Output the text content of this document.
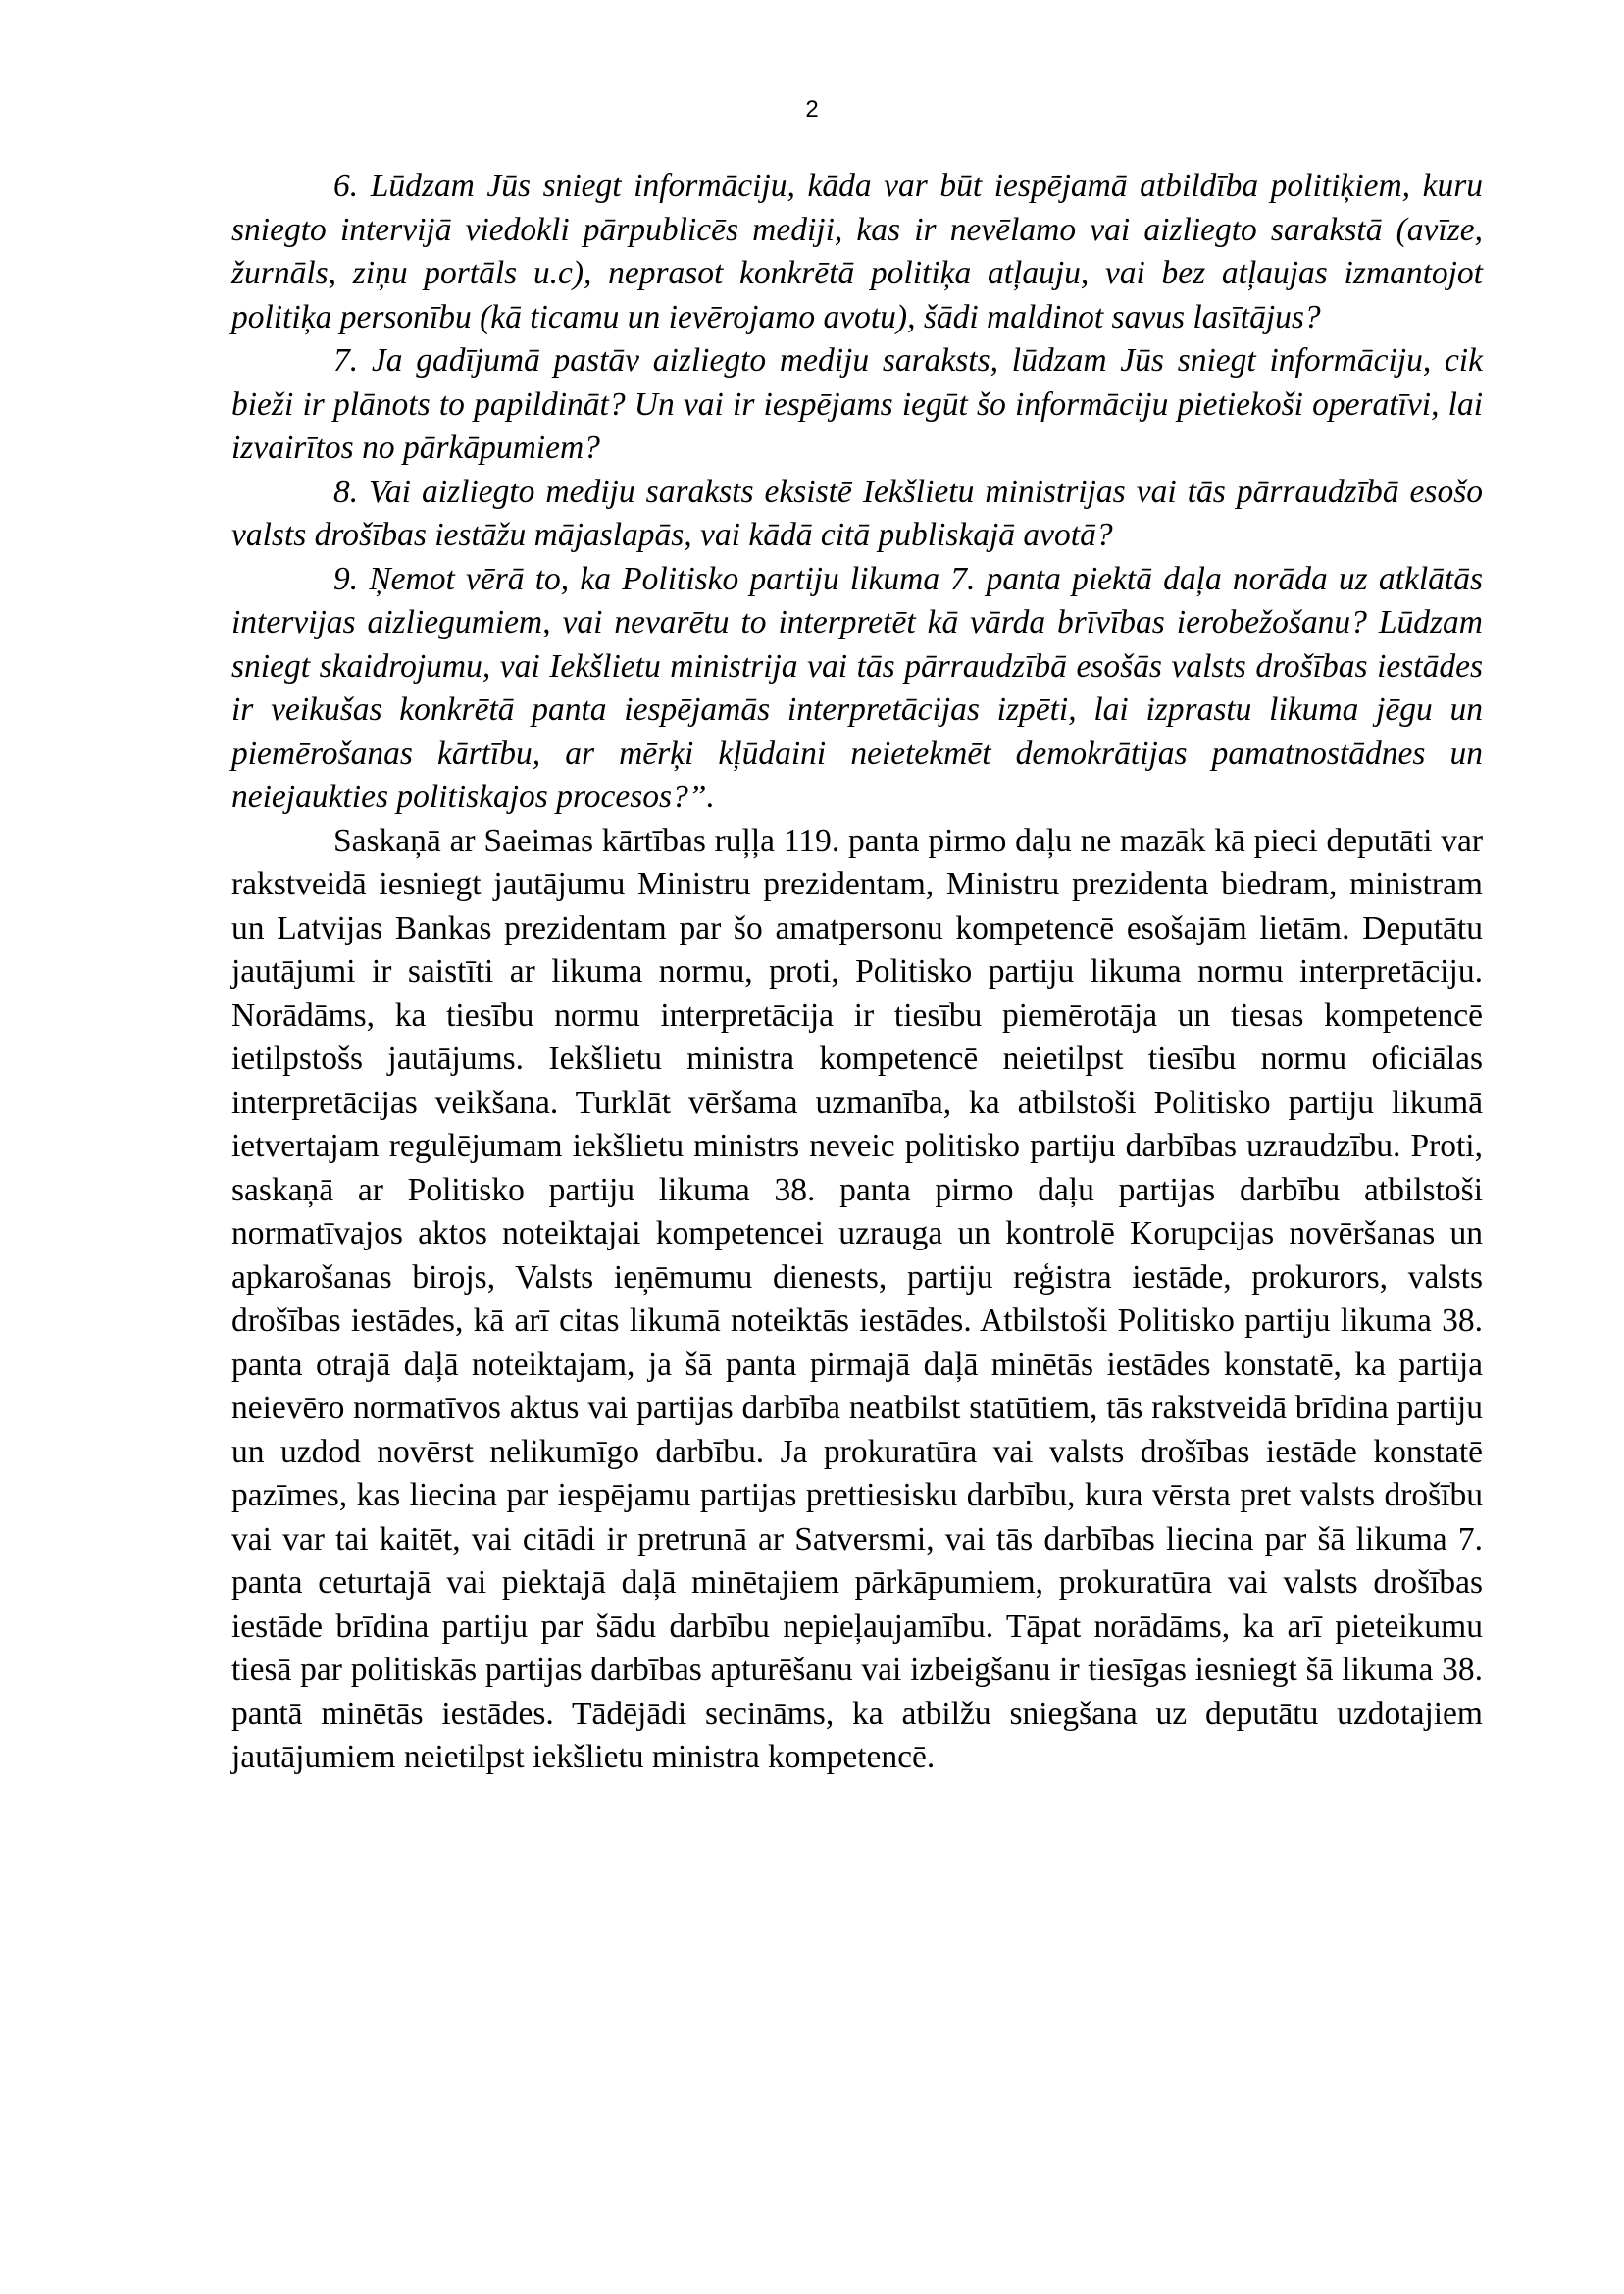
2

6. Lūdzam Jūs sniegt informāciju, kāda var būt iespējamā atbildība politiķiem, kuru sniegto intervijā viedokli pārpublicēs mediji, kas ir nevēlamo vai aizliegto sarakstā (avīze, žurnāls, ziņu portāls u.c), neprasot konkrētā politiķa atļauju, vai bez atļaujas izmantojot politiķa personību (kā ticamu un ievērojamo avotu), šādi maldinot savus lasītājus?

7. Ja gadījumā pastāv aizliegto mediju saraksts, lūdzam Jūs sniegt informāciju, cik bieži ir plānots to papildināt? Un vai ir iespējams iegūt šo informāciju pietiekoši operatīvi, lai izvairītos no pārkāpumiem?

8. Vai aizliegto mediju saraksts eksistē Iekšlietu ministrijas vai tās pārraudzībā esošo valsts drošības iestāžu mājaslapās, vai kādā citā publiskajā avotā?

9. Ņemot vērā to, ka Politisko partiju likuma 7. panta piektā daļa norāda uz atklātās intervijas aizliegumiem, vai nevarētu to interpretēt kā vārda brīvības ierobežošanu? Lūdzam sniegt skaidrojumu, vai Iekšlietu ministrija vai tās pārraudzībā esošās valsts drošības iestādes ir veikušas konkrētā panta iespējamās interpretācijas izpēti, lai izprastu likuma jēgu un piemērošanas kārtību, ar mērķi kļūdaini neietekmēt demokrātijas pamatnostādnes un neiejaukties politiskajos procesos?”.

Saskaņā ar Saeimas kārtības ruļļa 119. panta pirmo daļu ne mazāk kā pieci deputāti var rakstveidā iesniegt jautājumu Ministru prezidentam, Ministru prezidenta biedram, ministram un Latvijas Bankas prezidentam par šo amatpersonu kompetencē esošajām lietām. Deputātu jautājumi ir saistīti ar likuma normu, proti, Politisko partiju likuma normu interpretāciju. Norādāms, ka tiesību normu interpretācija ir tiesību piemērotāja un tiesas kompetencē ietilpstošs jautājums. Iekšlietu ministra kompetencē neietilpst tiesību normu oficiālas interpretācijas veikšana. Turklāt vēršama uzmanība, ka atbilstoši Politisko partiju likumā ietvertajam regulējumam iekšlietu ministrs neveic politisko partiju darbības uzraudzību. Proti, saskaņā ar Politisko partiju likuma 38. panta pirmo daļu partijas darbību atbilstoši normatīvajos aktos noteiktajai kompetencei uzrauga un kontrolē Korupcijas novēršanas un apkarošanas birojs, Valsts ieņēmumu dienests, partiju reģistra iestāde, prokurors, valsts drošības iestādes, kā arī citas likumā noteiktās iestādes. Atbilstoši Politisko partiju likuma 38. panta otrajā daļā noteiktajam, ja šā panta pirmajā daļā minētās iestādes konstatē, ka partija neievēro normatīvos aktus vai partijas darbība neatbilst statūtiem, tās rakstveidā brīdina partiju un uzdod novērst nelikumīgo darbību. Ja prokuratūra vai valsts drošības iestāde konstatē pazīmes, kas liecina par iespējamu partijas prettiesisku darbību, kura vērsta pret valsts drošību vai var tai kaitēt, vai citādi ir pretrunā ar Satversmi, vai tās darbības liecina par šā likuma 7. panta ceturtajā vai piektajā daļā minētajiem pārkāpumiem, prokuratūra vai valsts drošības iestāde brīdina partiju par šādu darbību nepieļaujamību. Tāpat norādāms, ka arī pieteikumu tiesā par politiskās partijas darbības apturēšanu vai izbeigšanu ir tiesīgas iesniegt šā likuma 38. pantā minētās iestādes. Tādējādi secināms, ka atbilžu sniegšana uz deputātu uzdotajiem jautājumiem neietilpst iekšlietu ministra kompetencē.
